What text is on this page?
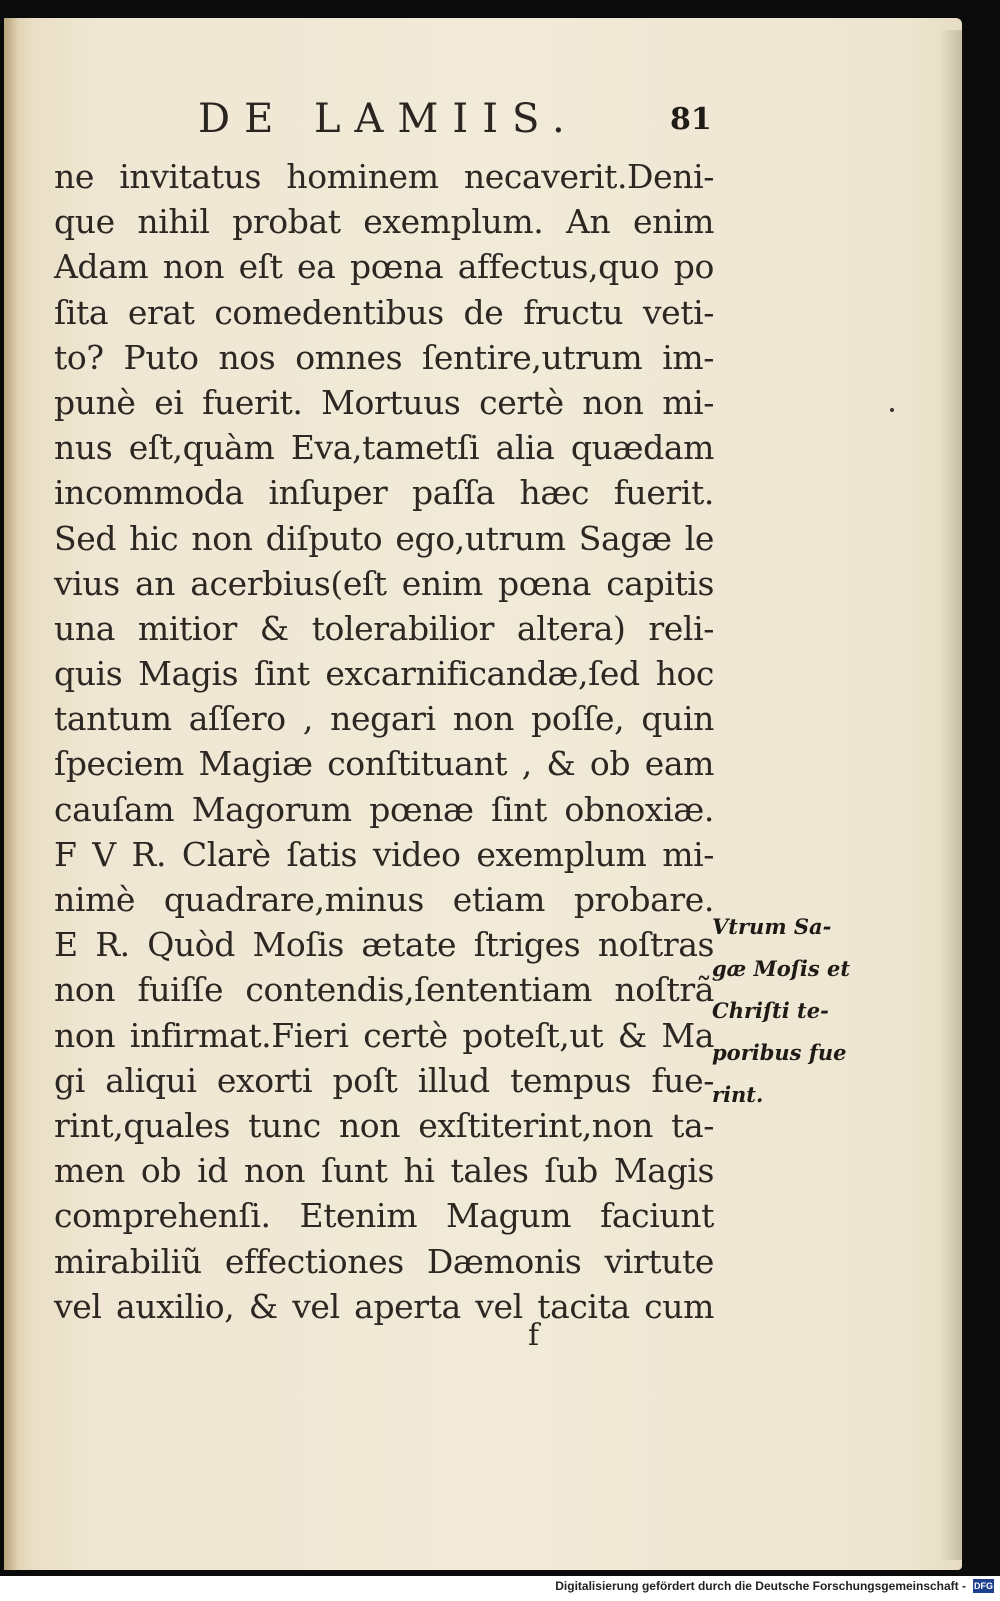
DE LAMIIS.	81
ne invitatus hominem necaverit.Deni-
que nihil probat exemplum. An enim
Adam non eſt ea pœna affectus,quo po
ſita erat comedentibus de fructu veti-
to? Puto nos omnes ſentire,utrum im-
punè ei fuerit. Mortuus certè non mi-
nus eſt,quàm Eva,tametſi alia quædam
incommoda inſuper paſſa hæc fuerit.
Sed hic non diſputo ego,utrum Sagæ le
vius an acerbius(eſt enim pœna capitis
una mitior & tolerabilior altera) reli-
quis Magis ſint excarnificandæ,ſed hoc
tantum aſſero , negari non poſſe, quin
ſpeciem Magiæ conſtituant , & ob eam
cauſam Magorum pœnæ ſint obnoxiæ.
F V R. Clarè ſatis video exemplum mi-
nimè quadrare,minus etiam probare.
E R. Quòd Moſis ætate ſtriges noſtras
non fuiſſe contendis,ſententiam noſtrã
non infirmat.Fieri certè poteſt,ut & Ma
gi aliqui exorti poſt illud tempus fue-
rint,quales tunc non exſtiterint,non ta-
men ob id non ſunt hi tales ſub Magis
comprehenſi. Etenim Magum faciunt
mirabiliũ effectiones Dæmonis virtute
vel auxilio, & vel aperta vel tacita cum
Vtrum Sa-
gæ Moſis et
Chriſti te-
poribus fue
rint.
f
Digitalisierung gefördert durch die Deutsche Forschungsgemeinschaft - DFG
